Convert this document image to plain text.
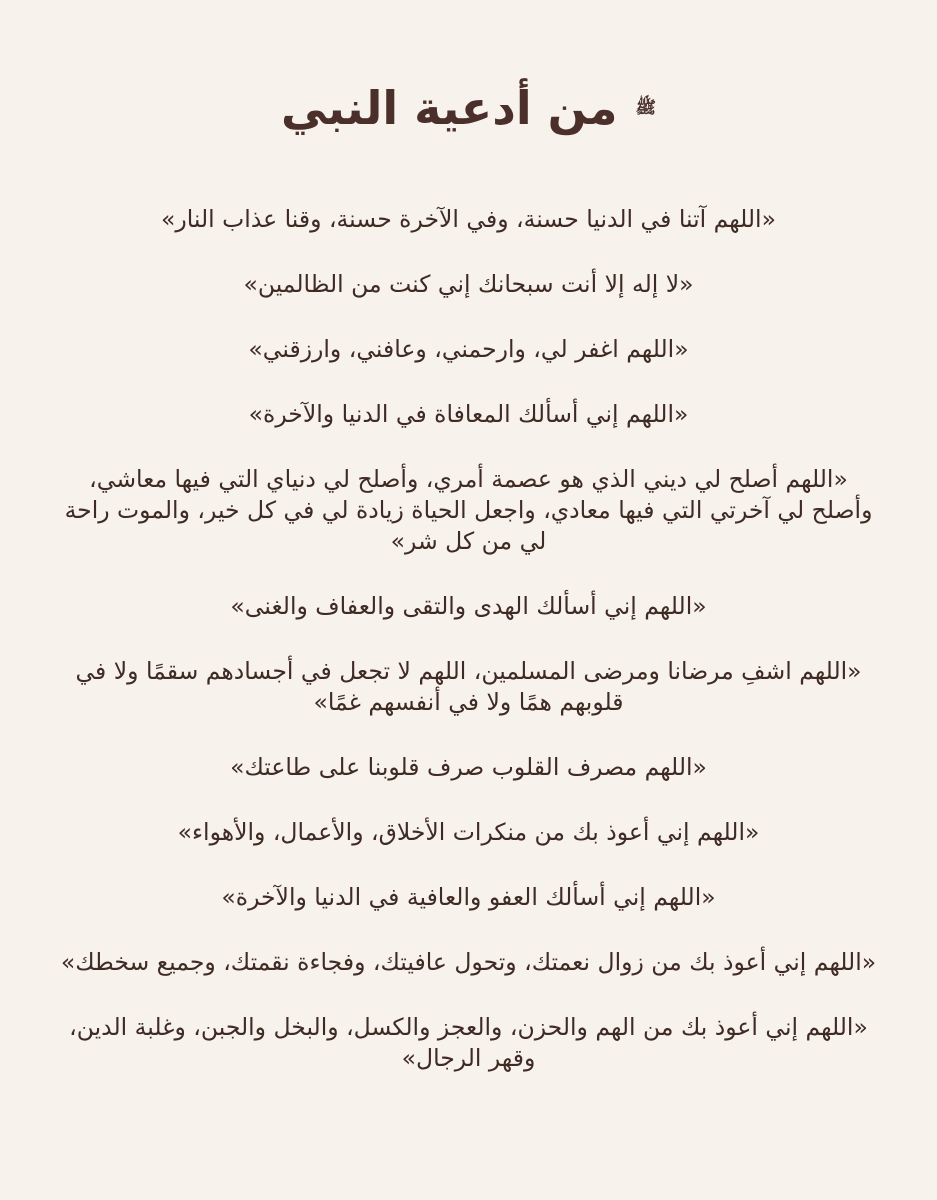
من أدعية النبي ﷺ

«اللهم آتنا في الدنيا حسنة، وفي الآخرة حسنة، وقنا عذاب النار»

«لا إله إلا أنت سبحانك إني كنت من الظالمين»

«اللهم اغفر لي، وارحمني، وعافني، وارزقني»

«اللهم إني أسألك المعافاة في الدنيا والآخرة»

«اللهم أصلح لي ديني الذي هو عصمة أمري، وأصلح لي دنياي التي فيها معاشي، وأصلح لي آخرتي التي فيها معادي، واجعل الحياة زيادة لي في كل خير، والموت راحة لي من كل شر»

«اللهم إني أسألك الهدى والتقى والعفاف والغنى»

«اللهم اشفِ مرضانا ومرضى المسلمين، اللهم لا تجعل في أجسادهم سقمًا ولا في قلوبهم همًا ولا في أنفسهم غمًا»

«اللهم مصرف القلوب صرف قلوبنا على طاعتك»

«اللهم إني أعوذ بك من منكرات الأخلاق، والأعمال، والأهواء»

«اللهم إني أسألك العفو والعافية في الدنيا والآخرة»

«اللهم إني أعوذ بك من زوال نعمتك، وتحول عافيتك، وفجاءة نقمتك، وجميع سخطك»

«اللهم إني أعوذ بك من الهم والحزن، والعجز والكسل، والبخل والجبن، وغلبة الدين، وقهر الرجال»
